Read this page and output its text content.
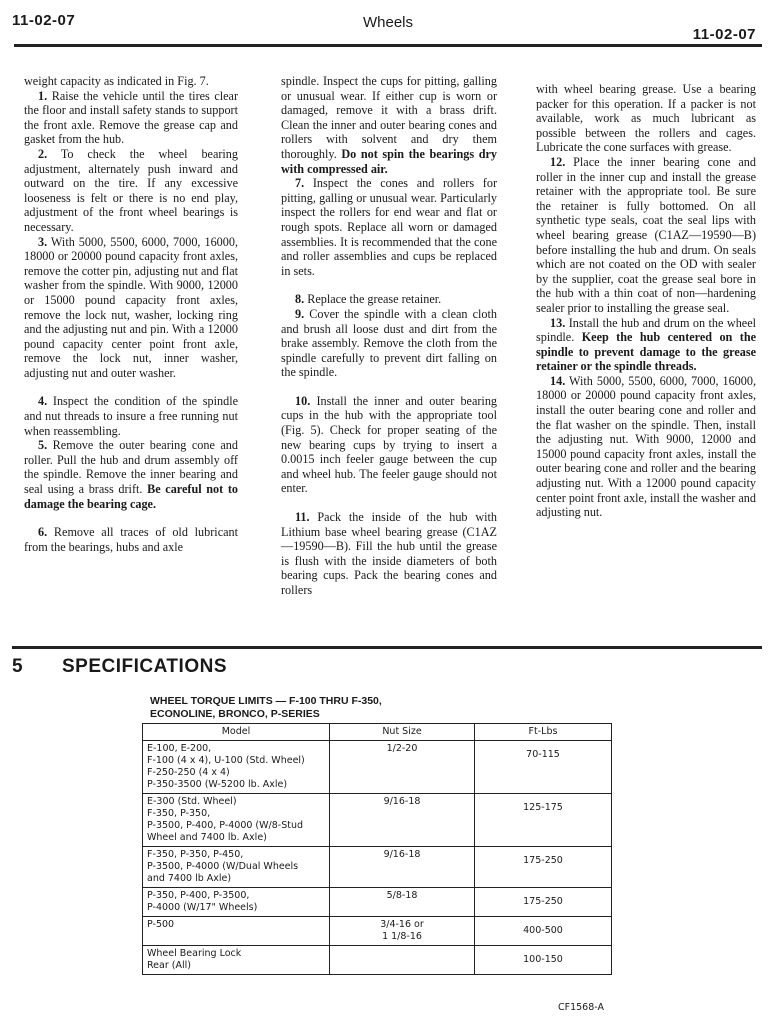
11-02-07	Wheels
11-02-07

weight capacity as indicated in Fig. 7.

1. Raise the vehicle until the tires clear the floor and install safety stands to support the front axle. Remove the grease cap and gasket from the hub.

2. To check the wheel bearing adjustment, alternately push inward and outward on the tire. If any excessive looseness is felt or there is no end play, adjustment of the front wheel bearings is necessary.

3. With 5000, 5500, 6000, 7000, 16000, 18000 or 20000 pound capacity front axles, remove the cotter pin, adjusting nut and flat washer from the spindle. With 9000, 12000 or 15000 pound capacity front axles, remove the lock nut, washer, locking ring and the adjusting nut and pin. With a 12000 pound capacity center point front axle, remove the lock nut, inner washer, adjusting nut and outer washer.

4. Inspect the condition of the spindle and nut threads to insure a free running nut when reassembling.

5. Remove the outer bearing cone and roller. Pull the hub and drum assembly off the spindle. Remove the inner bearing and seal using a brass drift. Be careful not to damage the bearing cage.

6. Remove all traces of old lubricant from the bearings, hubs and axle

spindle. Inspect the cups for pitting, galling or unusual wear. If either cup is worn or damaged, remove it with a brass drift. Clean the inner and outer bearing cones and rollers with solvent and dry them thoroughly. Do not spin the bearings dry with compressed air.

7. Inspect the cones and rollers for pitting, galling or unusual wear. Particularly inspect the rollers for end wear and flat or rough spots. Replace all worn or damaged assemblies. It is recommended that the cone and roller assemblies and cups be replaced in sets.

8. Replace the grease retainer.

9. Cover the spindle with a clean cloth and brush all loose dust and dirt from the brake assembly. Remove the cloth from the spindle carefully to prevent dirt falling on the spindle.

10. Install the inner and outer bearing cups in the hub with the appropriate tool (Fig. 5). Check for proper seating of the new bearing cups by trying to insert a 0.0015 inch feeler gauge between the cup and wheel hub. The feeler gauge should not enter.

11. Pack the inside of the hub with Lithium base wheel bearing grease (C1AZ—19590—B). Fill the hub until the grease is flush with the inside diameters of both bearing cups. Pack the bearing cones and rollers

with wheel bearing grease. Use a bearing packer for this operation. If a packer is not available, work as much lubricant as possible between the rollers and cages. Lubricate the cone surfaces with grease.

12. Place the inner bearing cone and roller in the inner cup and install the grease retainer with the appropriate tool. Be sure the retainer is fully bottomed. On all synthetic type seals, coat the seal lips with wheel bearing grease (C1AZ—19590—B) before installing the hub and drum. On seals which are not coated on the OD with sealer by the supplier, coat the grease seal bore in the hub with a thin coat of non—hardening sealer prior to installing the grease seal.

13. Install the hub and drum on the wheel spindle. Keep the hub centered on the spindle to prevent damage to the grease retainer or the spindle threads.

14. With 5000, 5500, 6000, 7000, 16000, 18000 or 20000 pound capacity front axles, install the outer bearing cone and roller and the flat washer on the spindle. Then, install the adjusting nut. With 9000, 12000 and 15000 pound capacity front axles, install the outer bearing cone and roller and the bearing adjusting nut. With a 12000 pound capacity center point front axle, install the washer and adjusting nut.

5 SPECIFICATIONS
WHEEL TORQUE LIMITS — F-100 THRU F-350,
ECONOLINE, BRONCO, P-SERIES
Model	Nut Size	Ft-Lbs
E-100, E-200,
F-100 (4 x 4), U-100 (Std. Wheel)
F-250-250 (4 x 4)
P-350-3500 (W-5200 lb. Axle)	1/2-20	70-115
E-300 (Std. Wheel)
F-350, P-350,
P-3500, P-400, P-4000 (W/8-Stud
Wheel and 7400 lb. Axle)	9/16-18	125-175
F-350, P-350, P-450,
P-3500, P-4000 (W/Dual Wheels
and 7400 lb Axle)	9/16-18	175-250
P-350, P-400, P-3500,
P-4000 (W/17" Wheels)	5/8-18	175-250
P-500	3/4-16 or
1 1/8-16	400-500
Wheel Bearing Lock
Rear (All)		100-150
CF1568-A
